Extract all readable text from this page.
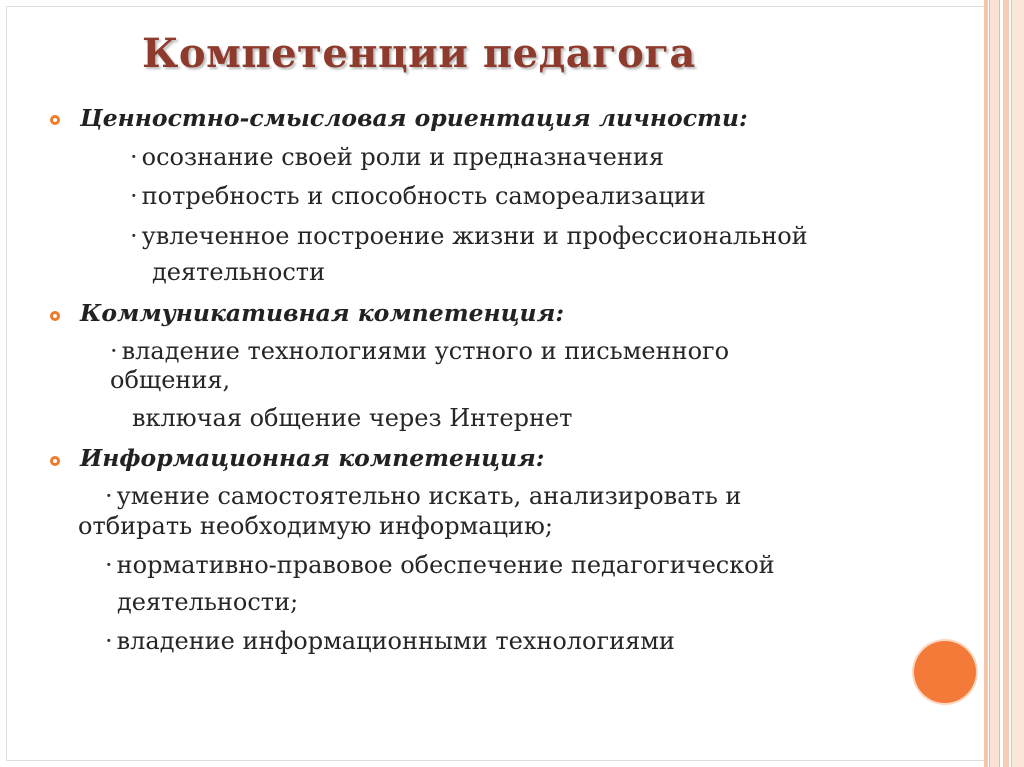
Компетенции педагога

Ценностно-смысловая ориентация личности:

· осознание своей роли и предназначения

· потребность и способность самореализации

· увлеченное построение жизни и профессиональной

деятельности

Коммуникативная компетенция:

· владение технологиями устного и письменного

общения,

включая общение через Интернет

Информационная компетенция:

· умение самостоятельно искать, анализировать и

отбирать необходимую информацию;

· нормативно-правовое обеспечение педагогической

деятельности;

· владение информационными технологиями
